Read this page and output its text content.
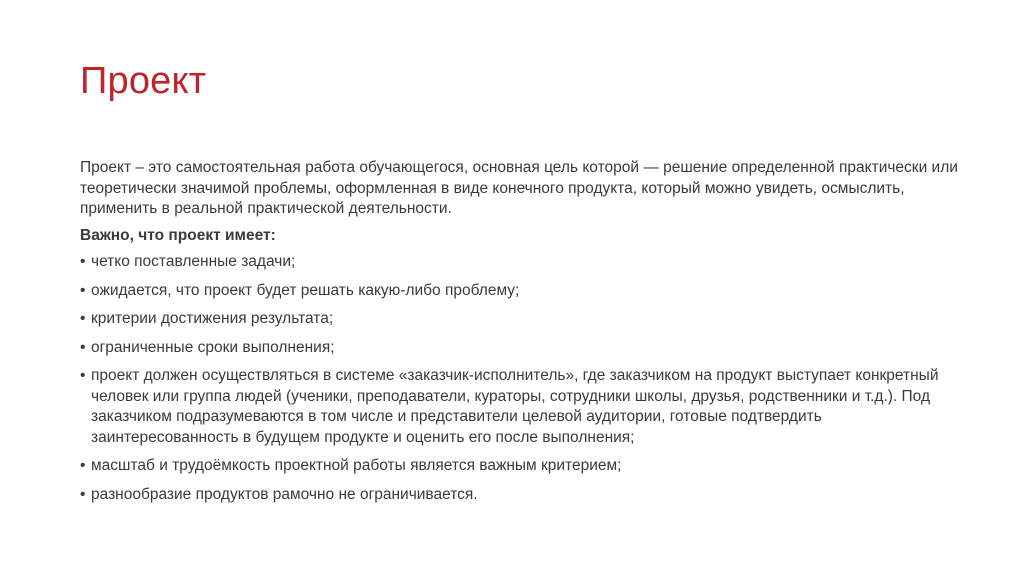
Проект

Проект – это самостоятельная работа обучающегося, основная цель которой — решение определенной практически или теоретически значимой проблемы, оформленная в виде конечного продукта, который можно увидеть, осмыслить, применить в реальной практической деятельности.

Важно, что проект имеет:

• четко поставленные задачи;
• ожидается, что проект будет решать какую-либо проблему;
• критерии достижения результата;
• ограниченные сроки выполнения;
• проект должен осуществляться в системе «заказчик-исполнитель», где заказчиком на продукт выступает конкретный человек или группа людей (ученики, преподаватели, кураторы, сотрудники школы, друзья, родственники и т.д.). Под заказчиком подразумеваются в том числе и представители целевой аудитории, готовые подтвердить заинтересованность в будущем продукте и оценить его после выполнения;
• масштаб и трудоёмкость проектной работы является важным критерием;
• разнообразие продуктов рамочно не ограничивается.
